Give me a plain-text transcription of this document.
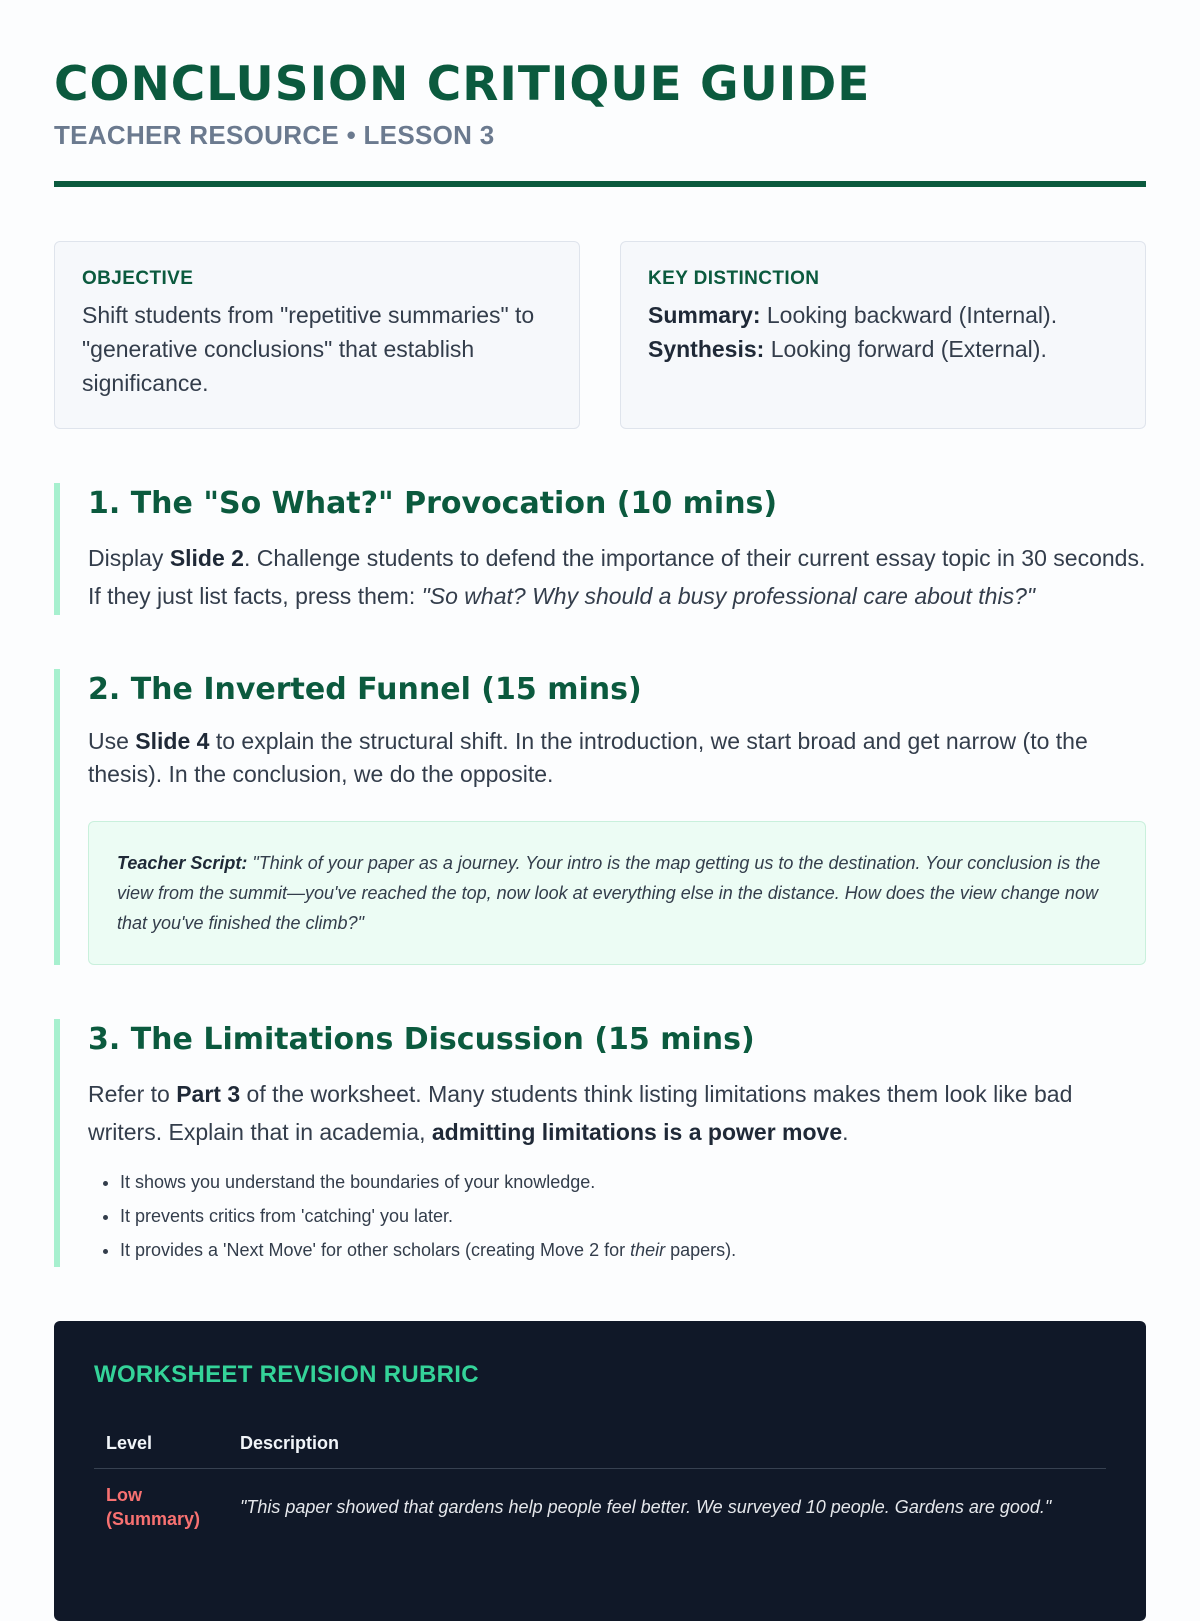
CONCLUSION CRITIQUE GUIDE
TEACHER RESOURCE • LESSON 3
OBJECTIVE
Shift students from "repetitive summaries" to "generative conclusions" that establish significance.
KEY DISTINCTION
Summary: Looking backward (Internal).
Synthesis: Looking forward (External).
1. The "So What?" Provocation (10 mins)

Display Slide 2. Challenge students to defend the importance of their current essay topic in 30 seconds. If they just list facts, press them: "So what? Why should a busy professional care about this?"

2. The Inverted Funnel (15 mins)

Use Slide 4 to explain the structural shift. In the introduction, we start broad and get narrow (to the thesis). In the conclusion, we do the opposite.

Teacher Script: "Think of your paper as a journey. Your intro is the map getting us to the destination. Your conclusion is the view from the summit—you've reached the top, now look at everything else in the distance. How does the view change now that you've finished the climb?"
3. The Limitations Discussion (15 mins)

Refer to Part 3 of the worksheet. Many students think listing limitations makes them look like bad writers. Explain that in academia, admitting limitations is a power move.

• It shows you understand the boundaries of your knowledge.
• It prevents critics from 'catching' you later.
• It provides a 'Next Move' for other scholars (creating Move 2 for their papers).
WORKSHEET REVISION RUBRIC
Level	Description
Low (Summary)	"This paper showed that gardens help people feel better. We surveyed 10 people. Gardens are good."
